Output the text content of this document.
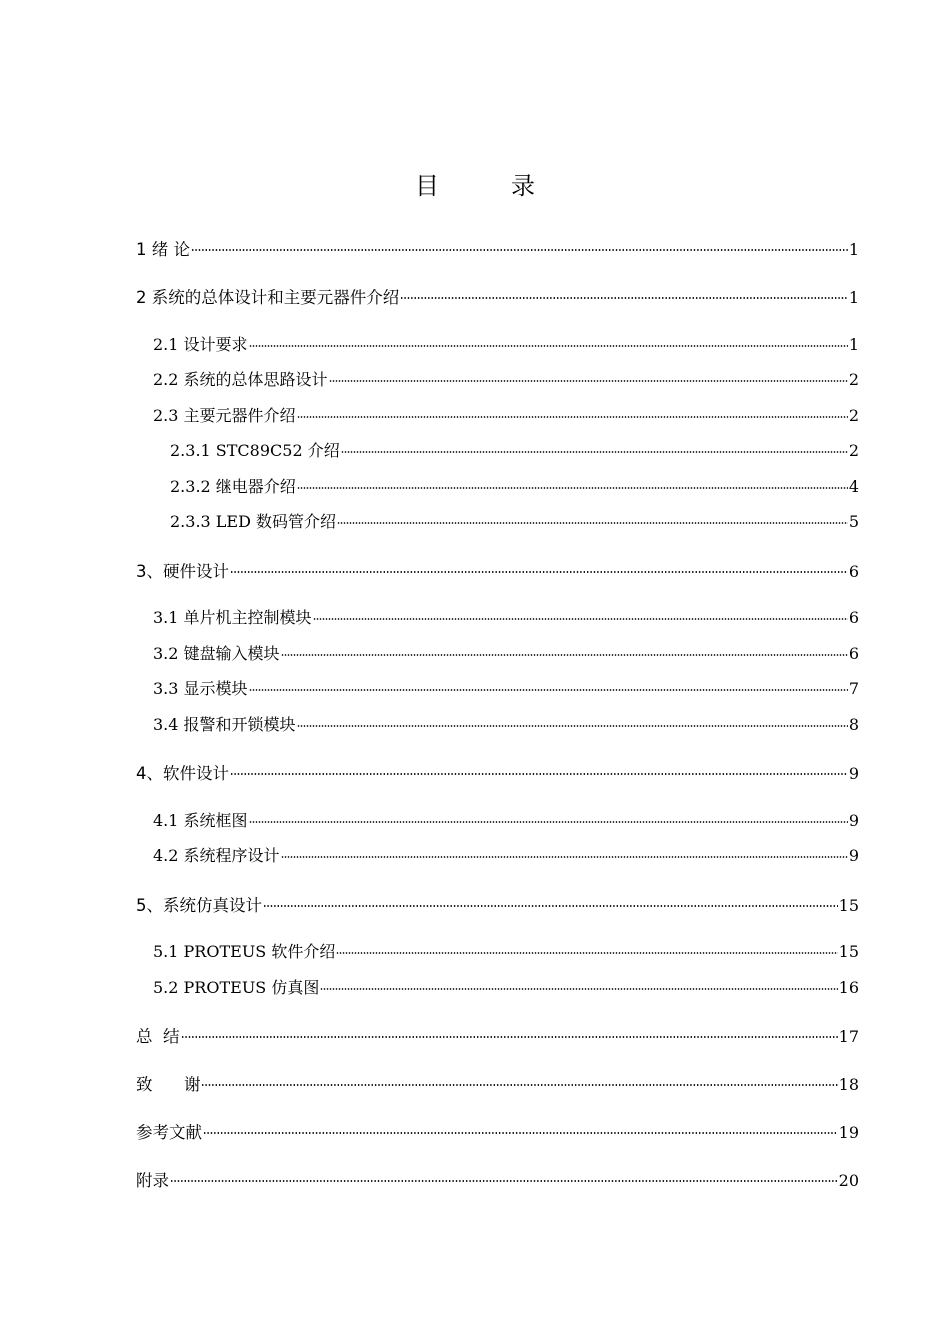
目　录
1 绪 论	1
2 系统的总体设计和主要元器件介绍	1
2.1 设计要求	1
2.2 系统的总体思路设计	2
2.3 主要元器件介绍	2
2.3.1 STC89C52 介绍	2
2.3.2 继电器介绍	4
2.3.3 LED 数码管介绍	5
3、硬件设计	6
3.1 单片机主控制模块	6
3.2 键盘输入模块	6
3.3 显示模块	7
3.4 报警和开锁模块	8
4、软件设计	9
4.1 系统框图	9
4.2 系统程序设计	9
5、系统仿真设计	15
5.1 PROTEUS 软件介绍	15
5.2 PROTEUS 仿真图	16
总  结	17
致      谢	18
参考文献	19
附录	20
